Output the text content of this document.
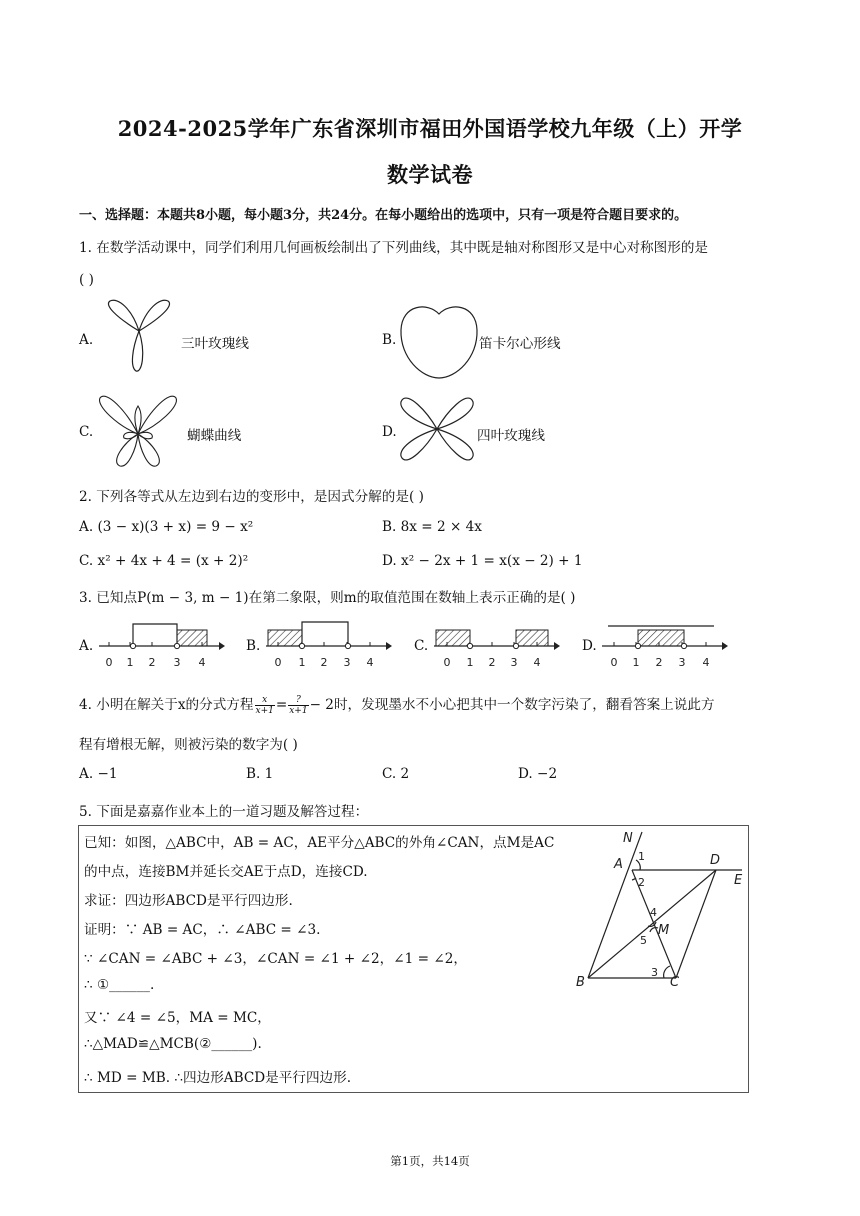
2024-2025学年广东省深圳市福田外国语学校九年级（上）开学
数学试卷
一、选择题：本题共8小题，每小题3分，共24分。在每小题给出的选项中，只有一项是符合题目要求的。
1. 在数学活动课中，同学们利用几何画板绘制出了下列曲线，其中既是轴对称图形又是中心对称图形的是
( )
A.	三叶玫瑰线	B.	笛卡尔心形线
C.	蝴蝶曲线	D.	四叶玫瑰线
2. 下列各等式从左边到右边的变形中，是因式分解的是( )
A. (3 − x)(3 + x) = 9 − x²	B. 8x = 2 × 4x
C. x² + 4x + 4 = (x + 2)²	D. x² − 2x + 1 = x(x − 2) + 1
3. 已知点P(m − 3, m − 1)在第二象限，则m的取值范围在数轴上表示正确的是( )
A.	B.	C.	D.
0 1 2 3 4	0 1 2 3 4	0 1 2 3 4	0 1 2 3 4
4. 小明在解关于x的分式方程 $\frac{x}{x+1} = \frac{?}{x+1} - 2$时，发现墨水不小心把其中一个数字污染了，翻看答案上说此方
程有增根无解，则被污染的数字为( )
A. −1	B. 1	C. 2	D. −2
5. 下面是嘉嘉作业本上的一道习题及解答过程：
已知：如图，△ABC中，AB = AC，AE平分△ABC的外角∠CAN，点M是AC
的中点，连接BM并延长交AE于点D，连接CD.
求证：四边形ABCD是平行四边形.
证明：∵ AB = AC，∴ ∠ABC = ∠3.
∵ ∠CAN = ∠ABC + ∠3，∠CAN = ∠1 + ∠2，∠1 = ∠2，
∴ ①______.
又∵ ∠4 = ∠5，MA = MC，
∴△MAD≌△MCB(②______).
∴ MD = MB. ∴四边形ABCD是平行四边形.
N
A	D
E
B	C
M
1
2
4
5
3
第1页，共14页
